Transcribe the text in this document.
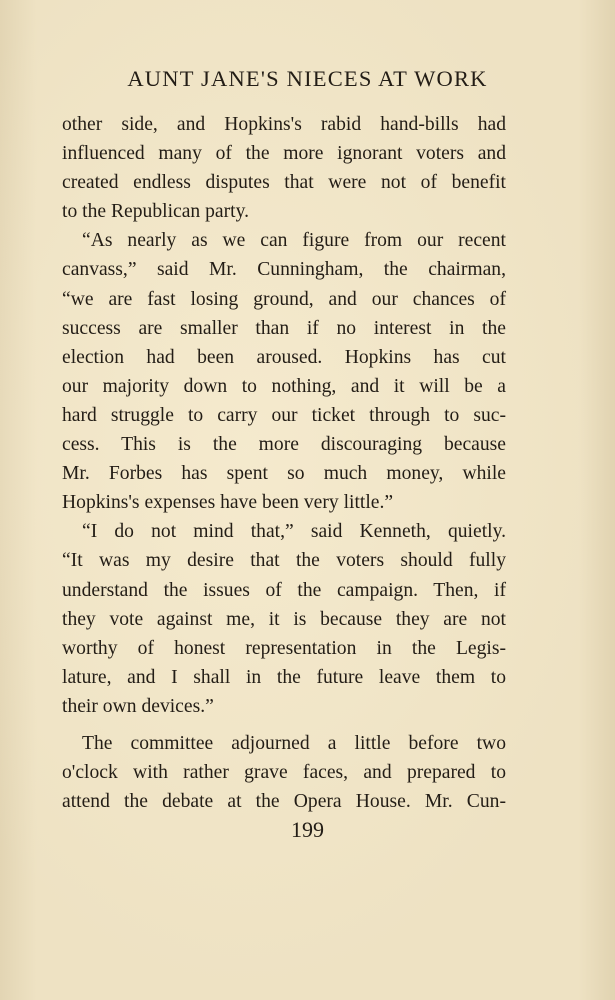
AUNT JANE'S NIECES AT WORK
other side, and Hopkins's rabid hand-bills had
influenced many of the more ignorant voters and
created endless disputes that were not of benefit
to the Republican party.
“As nearly as we can figure from our recent
canvass,” said Mr. Cunningham, the chairman,
“we are fast losing ground, and our chances of
success are smaller than if no interest in the
election had been aroused. Hopkins has cut
our majority down to nothing, and it will be a
hard struggle to carry our ticket through to suc-
cess. This is the more discouraging because
Mr. Forbes has spent so much money, while
Hopkins's expenses have been very little.”
“I do not mind that,” said Kenneth, quietly.
“It was my desire that the voters should fully
understand the issues of the campaign. Then, if
they vote against me, it is because they are not
worthy of honest representation in the Legis-
lature, and I shall in the future leave them to
their own devices.”
The committee adjourned a little before two
o'clock with rather grave faces, and prepared to
attend the debate at the Opera House. Mr. Cun-
199
